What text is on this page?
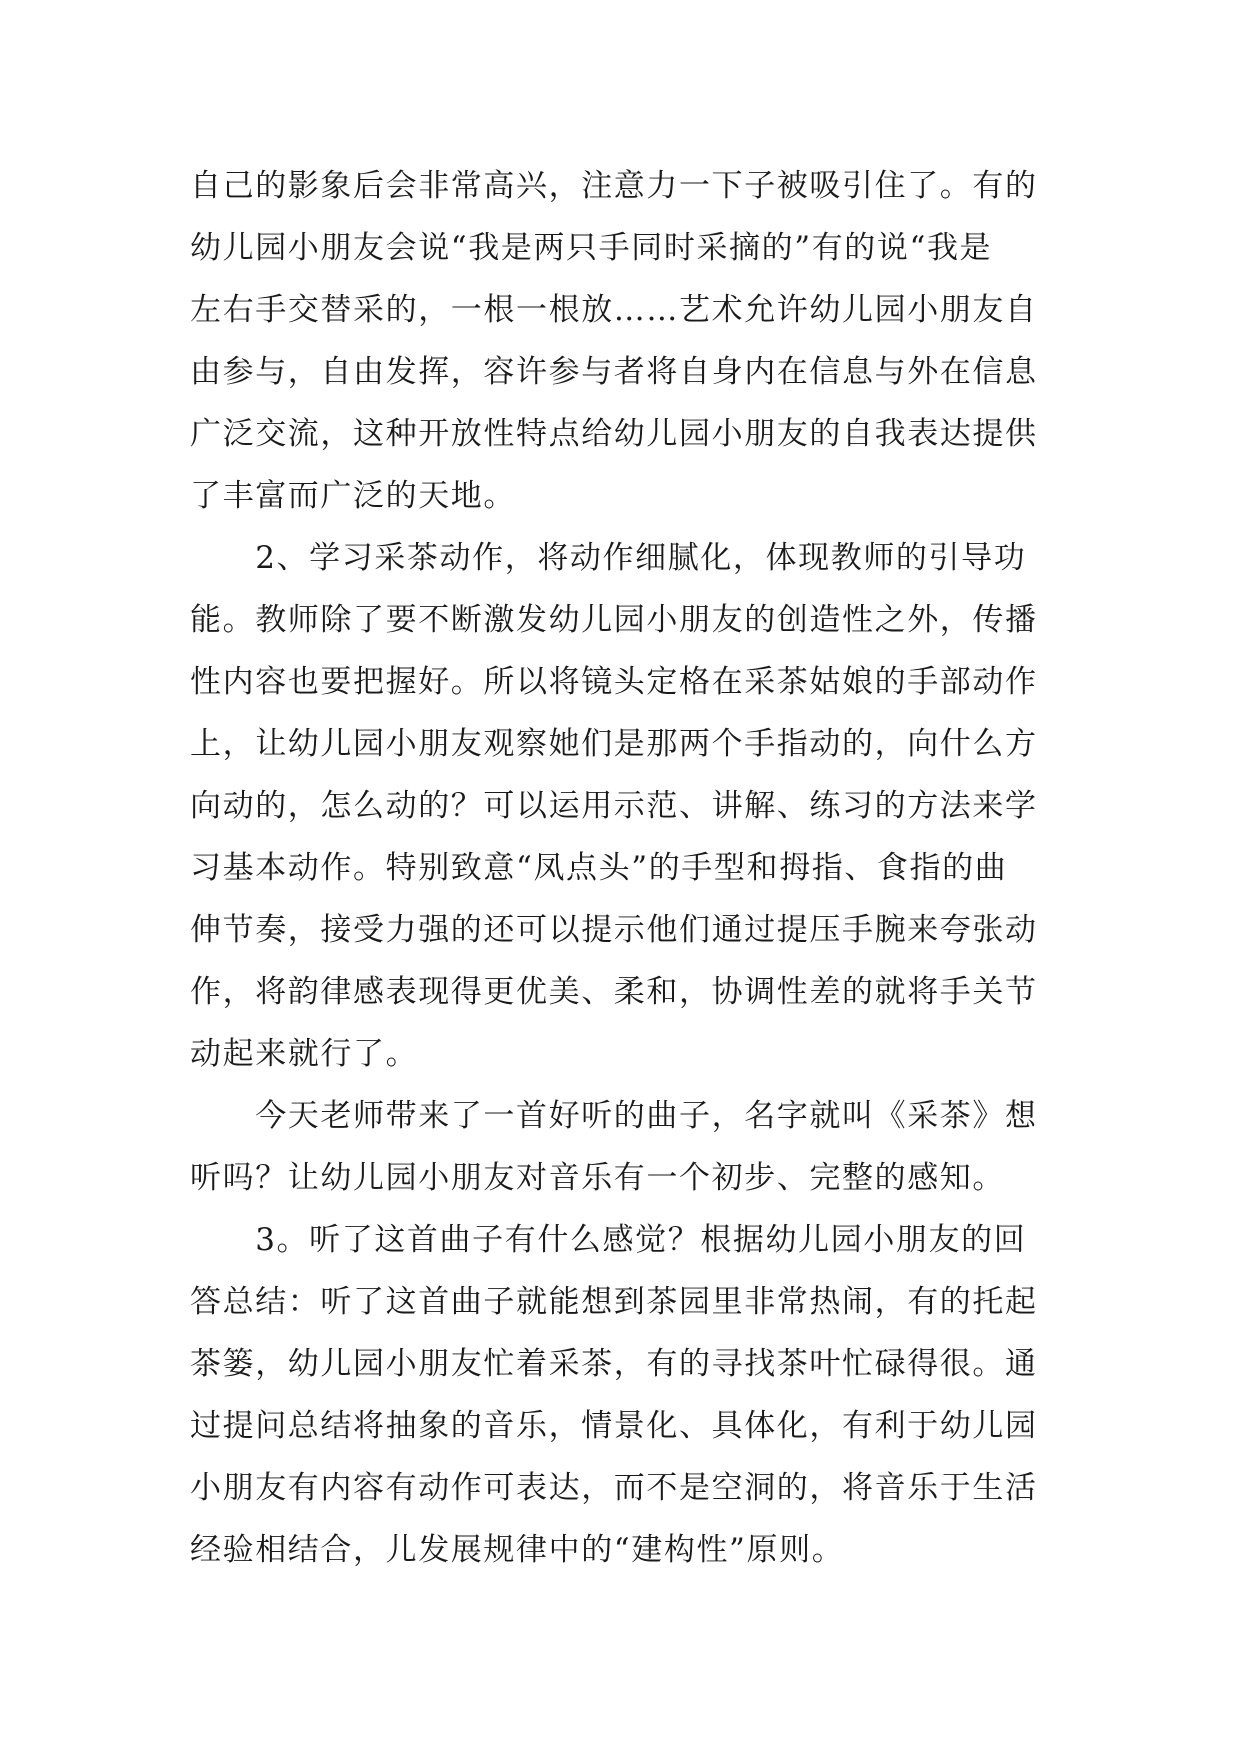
自己的影象后会非常高兴，注意力一下子被吸引住了。有的

幼儿园小朋友会说“我是两只手同时采摘的”有的说“我是

左右手交替采的，一根一根放……艺术允许幼儿园小朋友自

由参与，自由发挥，容许参与者将自身内在信息与外在信息

广泛交流，这种开放性特点给幼儿园小朋友的自我表达提供

了丰富而广泛的天地。

　　2、学习采茶动作，将动作细腻化，体现教师的引导功

能。教师除了要不断激发幼儿园小朋友的创造性之外，传播

性内容也要把握好。所以将镜头定格在采茶姑娘的手部动作

上，让幼儿园小朋友观察她们是那两个手指动的，向什么方

向动的，怎么动的？可以运用示范、讲解、练习的方法来学

习基本动作。特别致意“凤点头”的手型和拇指、食指的曲

伸节奏，接受力强的还可以提示他们通过提压手腕来夸张动

作，将韵律感表现得更优美、柔和，协调性差的就将手关节

动起来就行了。

　　今天老师带来了一首好听的曲子，名字就叫《采茶》想

听吗？让幼儿园小朋友对音乐有一个初步、完整的感知。

　　3。听了这首曲子有什么感觉？根据幼儿园小朋友的回

答总结：听了这首曲子就能想到茶园里非常热闹，有的托起

茶篓，幼儿园小朋友忙着采茶，有的寻找茶叶忙碌得很。通

过提问总结将抽象的音乐，情景化、具体化，有利于幼儿园

小朋友有内容有动作可表达，而不是空洞的，将音乐于生活

经验相结合，儿发展规律中的“建构性”原则。
